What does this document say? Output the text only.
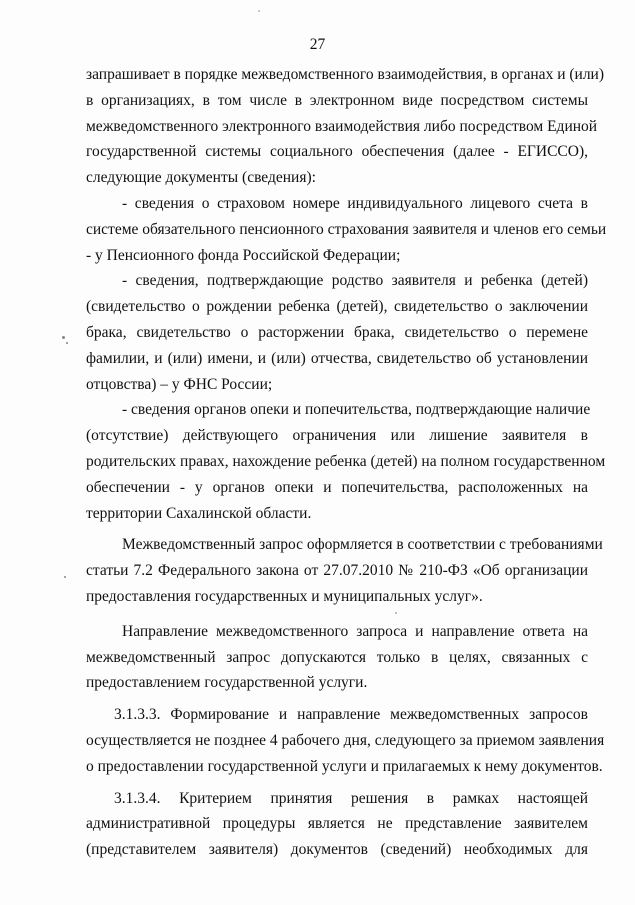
27
запрашивает в порядке межведомственного взаимодействия, в органах и (или)
в организациях, в том числе в электронном виде посредством системы
межведомственного электронного взаимодействия либо посредством Единой
государственной системы социального обеспечения (далее - ЕГИССО),
следующие документы (сведения):
- сведения о страховом номере индивидуального лицевого счета в
системе обязательного пенсионного страхования заявителя и членов его семьи
- у Пенсионного фонда Российской Федерации;
- сведения, подтверждающие родство заявителя и ребенка (детей)
(свидетельство о рождении ребенка (детей), свидетельство о заключении
брака, свидетельство о расторжении брака, свидетельство о перемене
фамилии, и (или) имени, и (или) отчества, свидетельство об установлении
отцовства) – у ФНС России;
- сведения органов опеки и попечительства, подтверждающие наличие
(отсутствие) действующего ограничения или лишение заявителя в
родительских правах, нахождение ребенка (детей) на полном государственном
обеспечении - у органов опеки и попечительства, расположенных на
территории Сахалинской области.
Межведомственный запрос оформляется в соответствии с требованиями
статьи 7.2 Федерального закона от 27.07.2010 № 210-ФЗ «Об организации
предоставления государственных и муниципальных услуг».
Направление межведомственного запроса и направление ответа на
межведомственный запрос допускаются только в целях, связанных с
предоставлением государственной услуги.
3.1.3.3. Формирование и направление межведомственных запросов
осуществляется не позднее 4 рабочего дня, следующего за приемом заявления
о предоставлении государственной услуги и прилагаемых к нему документов.
3.1.3.4. Критерием принятия решения в рамках настоящей
административной процедуры является не представление заявителем
(представителем заявителя) документов (сведений) необходимых для
